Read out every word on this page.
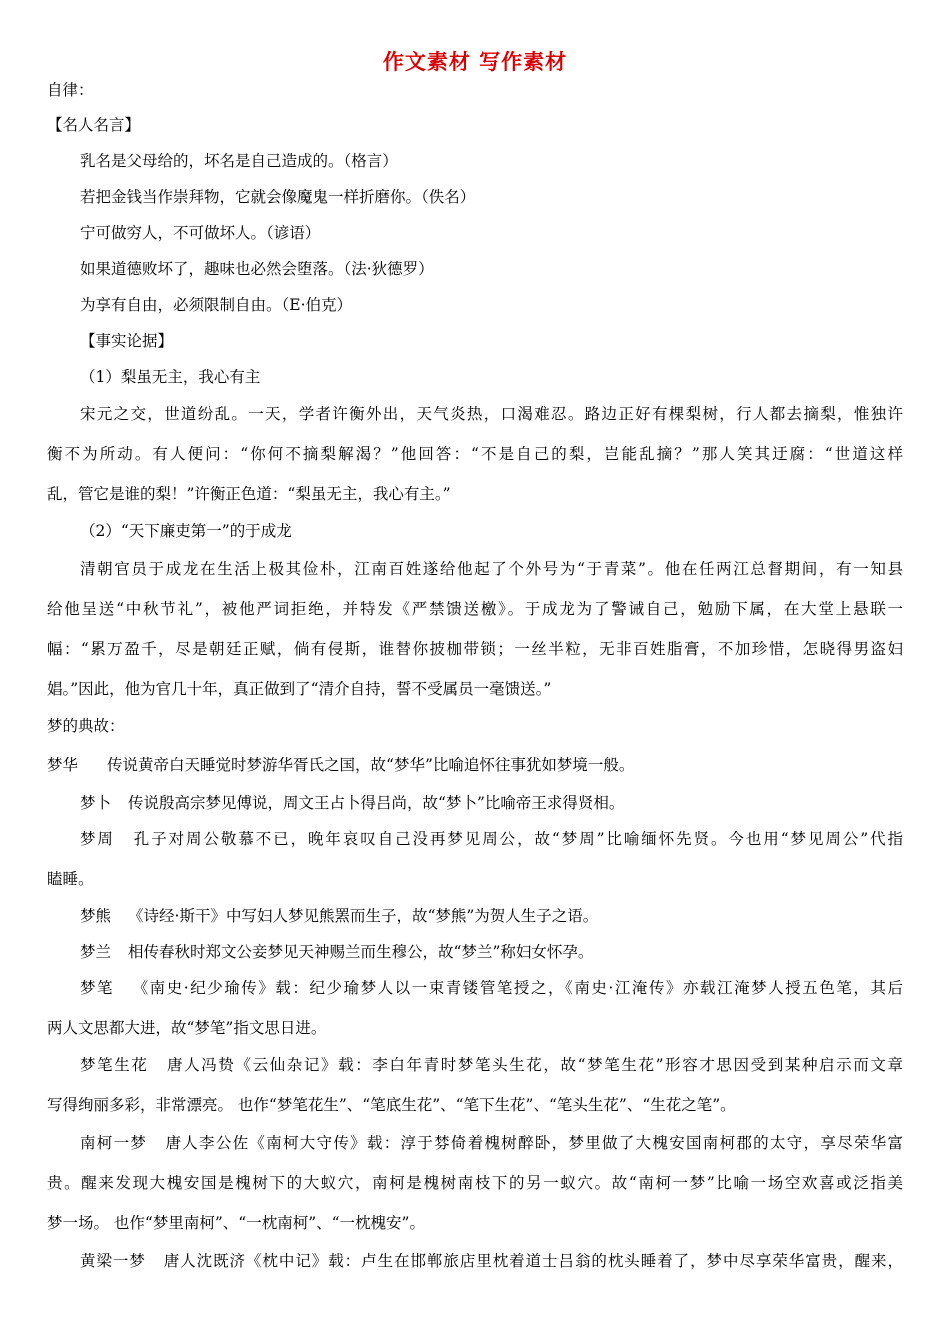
作文素材 写作素材
自律：
【名人名言】
乳名是父母给的，坏名是自己造成的。（格言）
若把金钱当作崇拜物，它就会像魔鬼一样折磨你。（佚名）
宁可做穷人，不可做坏人。（谚语）
如果道德败坏了，趣味也必然会堕落。（法·狄德罗）
为享有自由，必须限制自由。（E·伯克）
【事实论据】
（1）梨虽无主，我心有主
宋元之交，世道纷乱。一天，学者许衡外出，天气炎热，口渴难忍。路边正好有棵梨树，行人都去摘梨，惟独许
衡不为所动。有人便问：“你何不摘梨解渴？”他回答：“不是自己的梨，岂能乱摘？”那人笑其迂腐：“世道这样
乱，管它是谁的梨！”许衡正色道：“梨虽无主，我心有主。”
（2）“天下廉吏第一”的于成龙
清朝官员于成龙在生活上极其俭朴，江南百姓遂给他起了个外号为“于青菜”。他在任两江总督期间，有一知县
给他呈送“中秋节礼”，被他严词拒绝，并特发《严禁馈送檄》。于成龙为了警诫自己，勉励下属，在大堂上悬联一
幅：“累万盈千，尽是朝廷正赋，倘有侵斯，谁替你披枷带锁；一丝半粒，无非百姓脂膏，不加珍惜，怎晓得男盗妇
娼。”因此，他为官几十年，真正做到了“清介自持，誓不受属员一毫馈送。”
梦的典故：
梦华 传说黄帝白天睡觉时梦游华胥氏之国，故“梦华”比喻追怀往事犹如梦境一般。
梦卜 传说殷高宗梦见傅说，周文王占卜得吕尚，故“梦卜”比喻帝王求得贤相。
梦周 孔子对周公敬慕不已，晚年哀叹自己没再梦见周公，故“梦周”比喻缅怀先贤。今也用“梦见周公”代指
瞌睡。
梦熊 《诗经·斯干》中写妇人梦见熊罴而生子，故“梦熊”为贺人生子之语。
梦兰 相传春秋时郑文公妾梦见天神赐兰而生穆公，故“梦兰”称妇女怀孕。
梦笔 《南史·纪少瑜传》载：纪少瑜梦人以一束青镂管笔授之，《南史·江淹传》亦载江淹梦人授五色笔，其后
两人文思都大进，故“梦笔”指文思日进。
梦笔生花 唐人冯贽《云仙杂记》载：李白年青时梦笔头生花，故“梦笔生花”形容才思因受到某种启示而文章
写得绚丽多彩，非常漂亮。 也作“梦笔花生”、“笔底生花”、“笔下生花”、“笔头生花”、“生花之笔”。
南柯一梦 唐人李公佐《南柯大守传》载：淳于棼倚着槐树醉卧，梦里做了大槐安国南柯郡的太守，享尽荣华富
贵。醒来发现大槐安国是槐树下的大蚁穴，南柯是槐树南枝下的另一蚁穴。故“南柯一梦”比喻一场空欢喜或泛指美
梦一场。 也作“梦里南柯”、“一枕南柯”、“一枕槐安”。
黄梁一梦 唐人沈既济《枕中记》载：卢生在邯郸旅店里枕着道士吕翁的枕头睡着了，梦中尽享荣华富贵，醒来，
